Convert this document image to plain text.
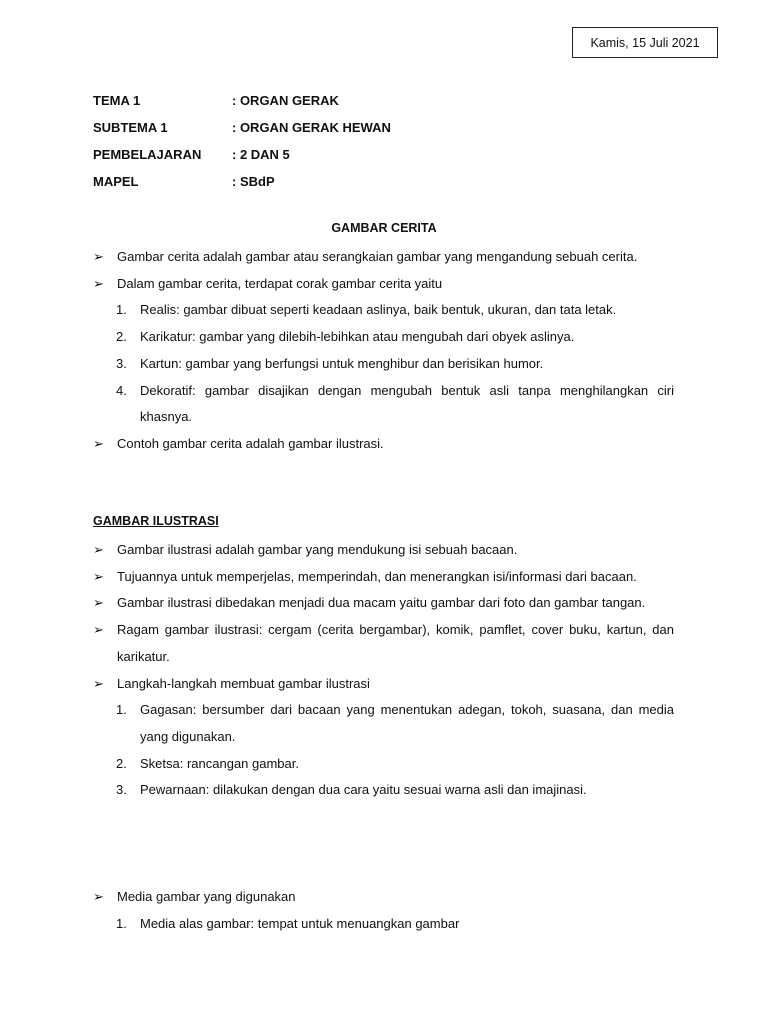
Kamis, 15 Juli 2021
TEMA 1	: ORGAN GERAK
SUBTEMA 1	: ORGAN GERAK HEWAN
PEMBELAJARAN	: 2 DAN 5
MAPEL	: SBdP
GAMBAR CERITA
➢ Gambar cerita adalah gambar atau serangkaian gambar yang mengandung sebuah cerita.
➢ Dalam gambar cerita, terdapat corak gambar cerita yaitu
1. Realis: gambar dibuat seperti keadaan aslinya, baik bentuk, ukuran, dan tata letak.
2. Karikatur: gambar yang dilebih-lebihkan atau mengubah dari obyek aslinya.
3. Kartun: gambar yang berfungsi untuk menghibur dan berisikan humor.
4. Dekoratif: gambar disajikan dengan mengubah bentuk asli tanpa menghilangkan ciri khasnya.
➢ Contoh gambar cerita adalah gambar ilustrasi.
GAMBAR ILUSTRASI
➢ Gambar ilustrasi adalah gambar yang mendukung isi sebuah bacaan.
➢ Tujuannya untuk memperjelas, memperindah, dan menerangkan isi/informasi dari bacaan.
➢ Gambar ilustrasi dibedakan menjadi dua macam yaitu gambar dari foto dan gambar tangan.
➢ Ragam gambar ilustrasi: cergam (cerita bergambar), komik, pamflet, cover buku, kartun, dan karikatur.
➢ Langkah-langkah membuat gambar ilustrasi
1. Gagasan: bersumber dari bacaan yang menentukan adegan, tokoh, suasana, dan media yang digunakan.
2. Sketsa: rancangan gambar.
3. Pewarnaan: dilakukan dengan dua cara yaitu sesuai warna asli dan imajinasi.
➢ Media gambar yang digunakan
1. Media alas gambar: tempat untuk menuangkan gambar
